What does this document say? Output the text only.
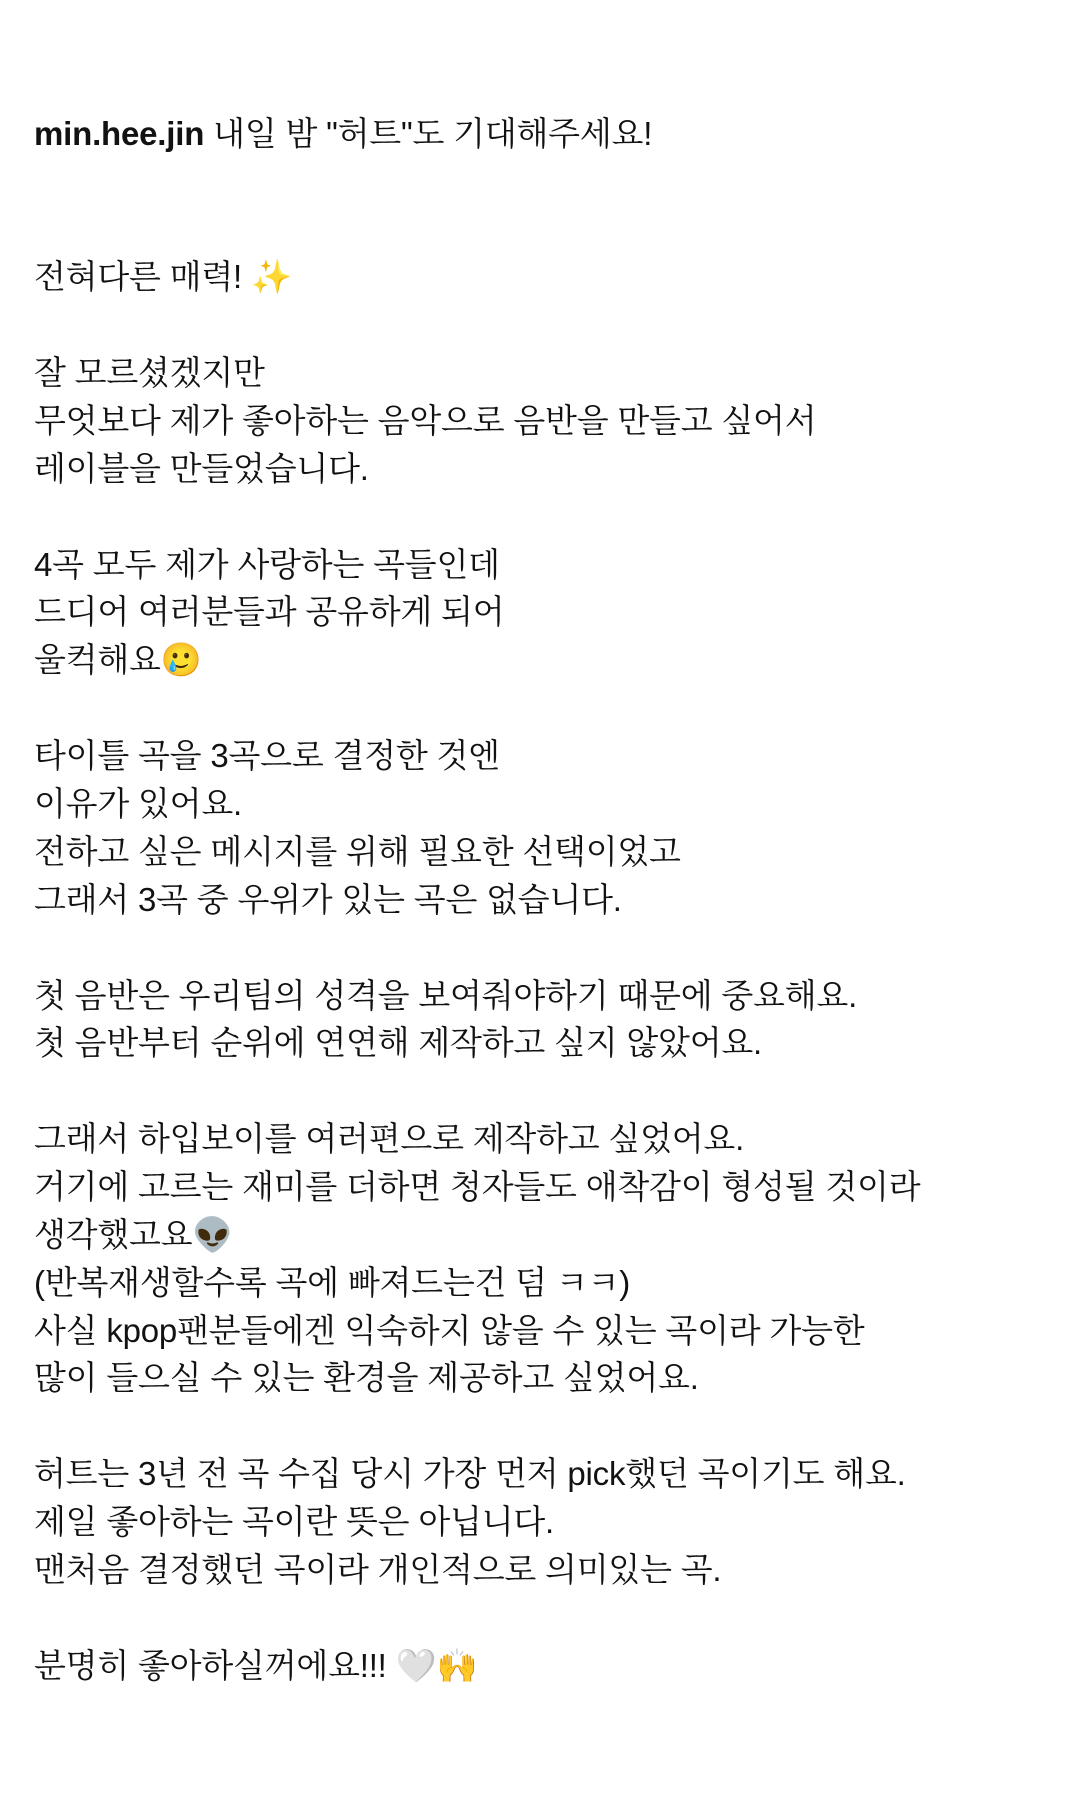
min.hee.jin 내일 밤 "허트"도 기대해주세요!

전혀다른 매력! ✨
잘 모르셨겠지만
무엇보다 제가 좋아하는 음악으로 음반을 만들고 싶어서
레이블을 만들었습니다.
4곡 모두 제가 사랑하는 곡들인데
드디어 여러분들과 공유하게 되어
울컥해요🥲
타이틀 곡을 3곡으로 결정한 것엔
이유가 있어요.
전하고 싶은 메시지를 위해 필요한 선택이었고
그래서 3곡 중 우위가 있는 곡은 없습니다.
첫 음반은 우리팀의 성격을 보여줘야하기 때문에 중요해요.
첫 음반부터 순위에 연연해 제작하고 싶지 않았어요.
그래서 하입보이를 여러편으로 제작하고 싶었어요.
거기에 고르는 재미를 더하면 청자들도 애착감이 형성될 것이라
생각했고요👽
(반복재생할수록 곡에 빠져드는건 덤 ㅋㅋ)
사실 kpop팬분들에겐 익숙하지 않을 수 있는 곡이라 가능한
많이 들으실 수 있는 환경을 제공하고 싶었어요.
허트는 3년 전 곡 수집 당시 가장 먼저 pick했던 곡이기도 해요.
제일 좋아하는 곡이란 뜻은 아닙니다.
맨처음 결정했던 곡이라 개인적으로 의미있는 곡.
분명히 좋아하실꺼에요!!! 🤍🙌
